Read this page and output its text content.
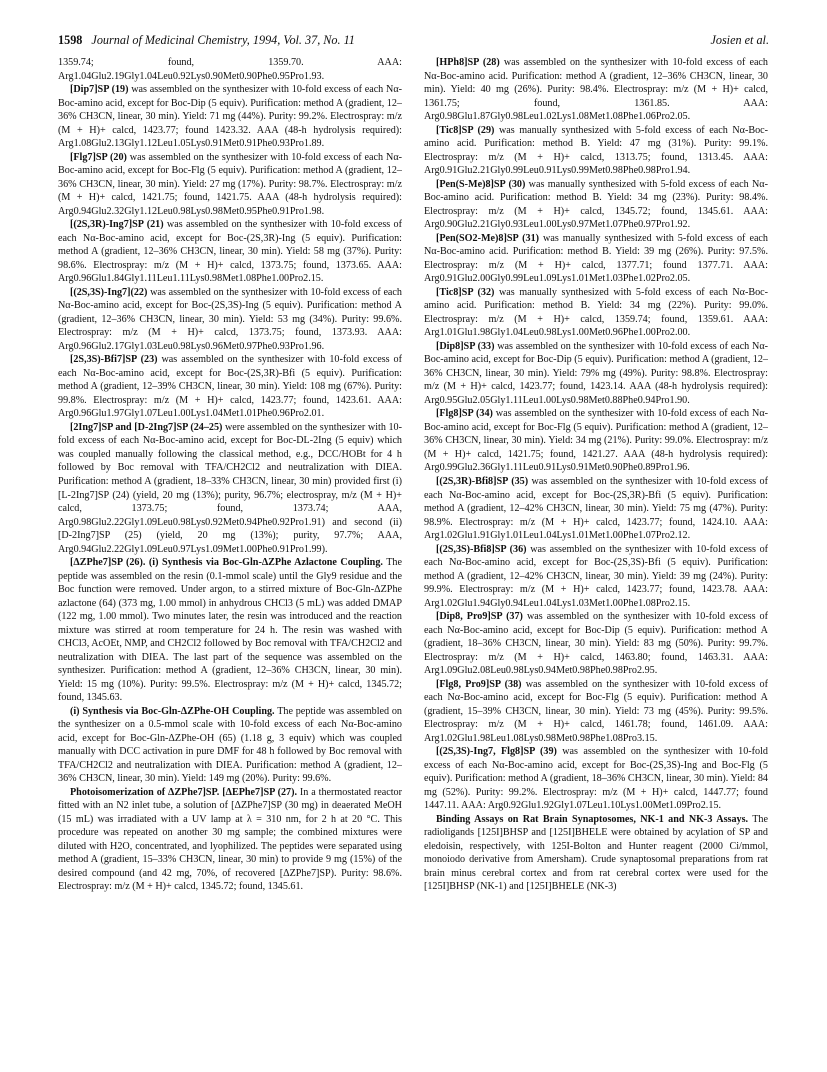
1598 Journal of Medicinal Chemistry, 1994, Vol. 37, No. 11	Josien et al.

1359.74; found, 1359.70. AAA: Arg1.04Glu2.19Gly1.04Leu0.92Lys0.90Met0.90Phe0.95Pro1.93.

[Dip7]SP (19) was assembled on the synthesizer with 10-fold excess of each Nα-Boc-amino acid, except for Boc-Dip (5 equiv). Purification: method A (gradient, 12–36% CH3CN, linear, 30 min). Yield: 71 mg (44%). Purity: 99.2%. Electrospray: m/z (M + H)+ calcd, 1423.77; found 1423.32. AAA (48-h hydrolysis required): Arg1.08Glu2.13Gly1.12Leu1.05Lys0.91Met0.91Phe0.93Pro1.89.

[Flg7]SP (20) was assembled on the synthesizer with 10-fold excess of each Nα-Boc-amino acid, except for Boc-Flg (5 equiv). Purification: method A (gradient, 12–36% CH3CN, linear, 30 min). Yield: 27 mg (17%). Purity: 98.7%. Electrospray: m/z (M + H)+ calcd, 1421.75; found, 1421.75. AAA (48-h hydrolysis required): Arg0.94Glu2.32Gly1.12Leu0.98Lys0.98Met0.95Phe0.91Pro1.98.

[(2S,3R)-Ing7]SP (21) was assembled on the synthesizer with 10-fold excess of each Nα-Boc-amino acid, except for Boc-(2S,3R)-Ing (5 equiv). Purification: method A (gradient, 12–36% CH3CN, linear, 30 min). Yield: 58 mg (37%). Purity: 98.6%. Electrospray: m/z (M + H)+ calcd, 1373.75; found, 1373.65. AAA: Arg0.96Glu1.84Gly1.11Leu1.11Lys0.98Met1.08Phe1.00Pro2.15.

[(2S,3S)-Ing7](22) was assembled on the synthesizer with 10-fold excess of each Nα-Boc-amino acid, except for Boc-(2S,3S)-Ing (5 equiv). Purification: method A (gradient, 12–36% CH3CN, linear, 30 min). Yield: 53 mg (34%). Purity: 99.6%. Electrospray: m/z (M + H)+ calcd, 1373.75; found, 1373.93. AAA: Arg0.96Glu2.17Gly1.03Leu0.98Lys0.96Met0.97Phe0.93Pro1.96.

[2S,3S)-Bfi7]SP (23) was assembled on the synthesizer with 10-fold excess of each Nα-Boc-amino acid, except for Boc-(2S,3R)-Bfi (5 equiv). Purification: method A (gradient, 12–39% CH3CN, linear, 30 min). Yield: 108 mg (67%). Purity: 99.8%. Electrospray: m/z (M + H)+ calcd, 1423.77; found, 1423.61. AAA: Arg0.96Glu1.97Gly1.07Leu1.00Lys1.04Met1.01Phe0.96Pro2.01.

[2Ing7]SP and [D-2Ing7]SP (24–25) were assembled on the synthesizer with 10-fold excess of each Nα-Boc-amino acid, except for Boc-DL-2Ing (5 equiv) which was coupled manually following the classical method, e.g., DCC/HOBt for 4 h followed by Boc removal with TFA/CH2Cl2 and neutralization with DIEA. Purification: method A (gradient, 18–33% CH3CN, linear, 30 min) provided first (i) [L-2Ing7]SP (24) (yield, 20 mg (13%); purity, 96.7%; electrospray, m/z (M + H)+ calcd, 1373.75; found, 1373.74; AAA, Arg0.98Glu2.22Gly1.09Leu0.98Lys0.92Met0.94Phe0.92Pro1.91) and second (ii) [D-2Ing7]SP (25) (yield, 20 mg (13%); purity, 97.7%; AAA, Arg0.94Glu2.22Gly1.09Leu0.97Lys1.09Met1.00Phe0.91Pro1.99).

[ΔZPhe7]SP (26). (i) Synthesis via Boc-Gln-ΔZPhe Azlactone Coupling. The peptide was assembled on the resin (0.1-mmol scale) until the Gly9 residue and the Boc function were removed. Under argon, to a stirred mixture of Boc-Gln-ΔZPhe azlactone (64) (373 mg, 1.00 mmol) in anhydrous CHCl3 (5 mL) was added DMAP (122 mg, 1.00 mmol). Two minutes later, the resin was introduced and the reaction mixture was stirred at room temperature for 24 h. The resin was washed with CHCl3, AcOEt, NMP, and CH2Cl2 followed by Boc removal with TFA/CH2Cl2 and neutralization with DIEA. The last part of the sequence was assembled on the synthesizer. Purification: method A (gradient, 12–36% CH3CN, linear, 30 min). Yield: 15 mg (10%). Purity: 99.5%. Electrospray: m/z (M + H)+ calcd, 1345.72; found, 1345.63.

(i) Synthesis via Boc-Gln-ΔZPhe-OH Coupling. The peptide was assembled on the synthesizer on a 0.5-mmol scale with 10-fold excess of each Nα-Boc-amino acid, except for Boc-Gln-ΔZPhe-OH (65) (1.18 g, 3 equiv) which was coupled manually with DCC activation in pure DMF for 48 h followed by Boc removal with TFA/CH2Cl2 and neutralization with DIEA. Purification: method A (gradient, 12–36% CH3CN, linear, 30 min). Yield: 149 mg (20%). Purity: 99.6%.

Photoisomerization of ΔZPhe7]SP. [ΔEPhe7]SP (27). In a thermostated reactor fitted with an N2 inlet tube, a solution of [ΔZPhe7]SP (30 mg) in deaerated MeOH (15 mL) was irradiated with a UV lamp at λ = 310 nm, for 2 h at 20 °C. This procedure was repeated on another 30 mg sample; the combined mixtures were diluted with H2O, concentrated, and lyophilized. The peptides were separated using method A (gradient, 15–33% CH3CN, linear, 30 min) to provide 9 mg (15%) of the desired compound (and 42 mg, 70%, of recovered [ΔZPhe7]SP). Purity: 98.6%. Electrospray: m/z (M + H)+ calcd, 1345.72; found, 1345.61.

[HPh8]SP (28) was assembled on the synthesizer with 10-fold excess of each Nα-Boc-amino acid. Purification: method A (gradient, 12–36% CH3CN, linear, 30 min). Yield: 40 mg (26%). Purity: 98.4%. Electrospray: m/z (M + H)+ calcd, 1361.75; found, 1361.85. AAA: Arg0.98Glu1.87Gly0.98Leu1.02Lys1.08Met1.08Phe1.06Pro2.05.

[Tic8]SP (29) was manually synthesized with 5-fold excess of each Nα-Boc-amino acid. Purification: method B. Yield: 47 mg (31%). Purity: 99.1%. Electrospray: m/z (M + H)+ calcd, 1313.75; found, 1313.45. AAA: Arg0.91Glu2.21Gly0.99Leu0.91Lys0.99Met0.98Phe0.98Pro1.94.

[Pen(S-Me)8]SP (30) was manually synthesized with 5-fold excess of each Nα-Boc-amino acid. Purification: method B. Yield: 34 mg (23%). Purity: 98.4%. Electrospray: m/z (M + H)+ calcd, 1345.72; found, 1345.61. AAA: Arg0.90Glu2.21Gly0.93Leu1.00Lys0.97Met1.07Phe0.97Pro1.92.

[Pen(SO2-Me)8]SP (31) was manually synthesized with 5-fold excess of each Nα-Boc-amino acid. Purification: method B. Yield: 39 mg (26%). Purity: 97.5%. Electrospray: m/z (M + H)+ calcd, 1377.71; found 1377.71. AAA: Arg0.91Glu2.00Gly0.99Leu1.09Lys1.01Met1.03Phe1.02Pro2.05.

[Tic8]SP (32) was manually synthesized with 5-fold excess of each Nα-Boc-amino acid. Purification: method B. Yield: 34 mg (22%). Purity: 99.0%. Electrospray: m/z (M + H)+ calcd, 1359.74; found, 1359.61. AAA: Arg1.01Glu1.98Gly1.04Leu0.98Lys1.00Met0.96Phe1.00Pro2.00.

[Dip8]SP (33) was assembled on the synthesizer with 10-fold excess of each Nα-Boc-amino acid, except for Boc-Dip (5 equiv). Purification: method A (gradient, 12–36% CH3CN, linear, 30 min). Yield: 79% mg (49%). Purity: 98.8%. Electrospray: m/z (M + H)+ calcd, 1423.77; found, 1423.14. AAA (48-h hydrolysis required): Arg0.95Glu2.05Gly1.11Leu1.00Lys0.98Met0.88Phe0.94Pro1.90.

[Flg8]SP (34) was assembled on the synthesizer with 10-fold excess of each Nα-Boc-amino acid, except for Boc-Flg (5 equiv). Purification: method A (gradient, 12–36% CH3CN, linear, 30 min). Yield: 34 mg (21%). Purity: 99.0%. Electrospray: m/z (M + H)+ calcd, 1421.75; found, 1421.27. AAA (48-h hydrolysis required): Arg0.99Glu2.36Gly1.11Leu0.91Lys0.91Met0.90Phe0.89Pro1.96.

[(2S,3R)-Bfi8]SP (35) was assembled on the synthesizer with 10-fold excess of each Nα-Boc-amino acid, except for Boc-(2S,3R)-Bfi (5 equiv). Purification: method A (gradient, 12–42% CH3CN, linear, 30 min). Yield: 75 mg (47%). Purity: 98.9%. Electrospray: m/z (M + H)+ calcd, 1423.77; found, 1424.10. AAA: Arg1.02Glu1.91Gly1.01Leu1.04Lys1.01Met1.00Phe1.07Pro2.12.

[(2S,3S)-Bfi8]SP (36) was assembled on the synthesizer with 10-fold excess of each Nα-Boc-amino acid, except for Boc-(2S,3S)-Bfi (5 equiv). Purification: method A (gradient, 12–42% CH3CN, linear, 30 min). Yield: 39 mg (24%). Purity: 99.9%. Electrospray: m/z (M + H)+ calcd, 1423.77; found, 1423.78. AAA: Arg1.02Glu1.94Gly0.94Leu1.04Lys1.03Met1.00Phe1.08Pro2.15.

[Dip8, Pro9]SP (37) was assembled on the synthesizer with 10-fold excess of each Nα-Boc-amino acid, except for Boc-Dip (5 equiv). Purification: method A (gradient, 18–36% CH3CN, linear, 30 min). Yield: 83 mg (50%). Purity: 99.7%. Electrospray: m/z (M + H)+ calcd, 1463.80; found, 1463.31. AAA: Arg1.09Glu2.08Leu0.98Lys0.94Met0.98Phe0.98Pro2.95.

[Flg8, Pro9]SP (38) was assembled on the synthesizer with 10-fold excess of each Nα-Boc-amino acid, except for Boc-Flg (5 equiv). Purification: method A (gradient, 15–39% CH3CN, linear, 30 min). Yield: 73 mg (45%). Purity: 99.5%. Electrospray: m/z (M + H)+ calcd, 1461.78; found, 1461.09. AAA: Arg1.02Glu1.98Leu1.08Lys0.98Met0.98Phe1.08Pro3.15.

[(2S,3S)-Ing7, Flg8]SP (39) was assembled on the synthesizer with 10-fold excess of each Nα-Boc-amino acid, except for Boc-(2S,3S)-Ing and Boc-Flg (5 equiv). Purification: method A (gradient, 18–36% CH3CN, linear, 30 min). Yield: 84 mg (52%). Purity: 99.2%. Electrospray: m/z (M + H)+ calcd, 1447.77; found 1447.11. AAA: Arg0.92Glu1.92Gly1.07Leu1.10Lys1.00Met1.09Pro2.15.

Binding Assays on Rat Brain Synaptosomes, NK-1 and NK-3 Assays. The radioligands [125I]BHSP and [125I]BHELE were obtained by acylation of SP and eledoisin, respectively, with 125I-Bolton and Hunter reagent (2000 Ci/mmol, monoiodo derivative from Amersham). Crude synaptosomal preparations from rat brain minus cerebral cortex and from rat cerebral cortex were used for the [125I]BHSP (NK-1) and [125I]BHELE (NK-3)
